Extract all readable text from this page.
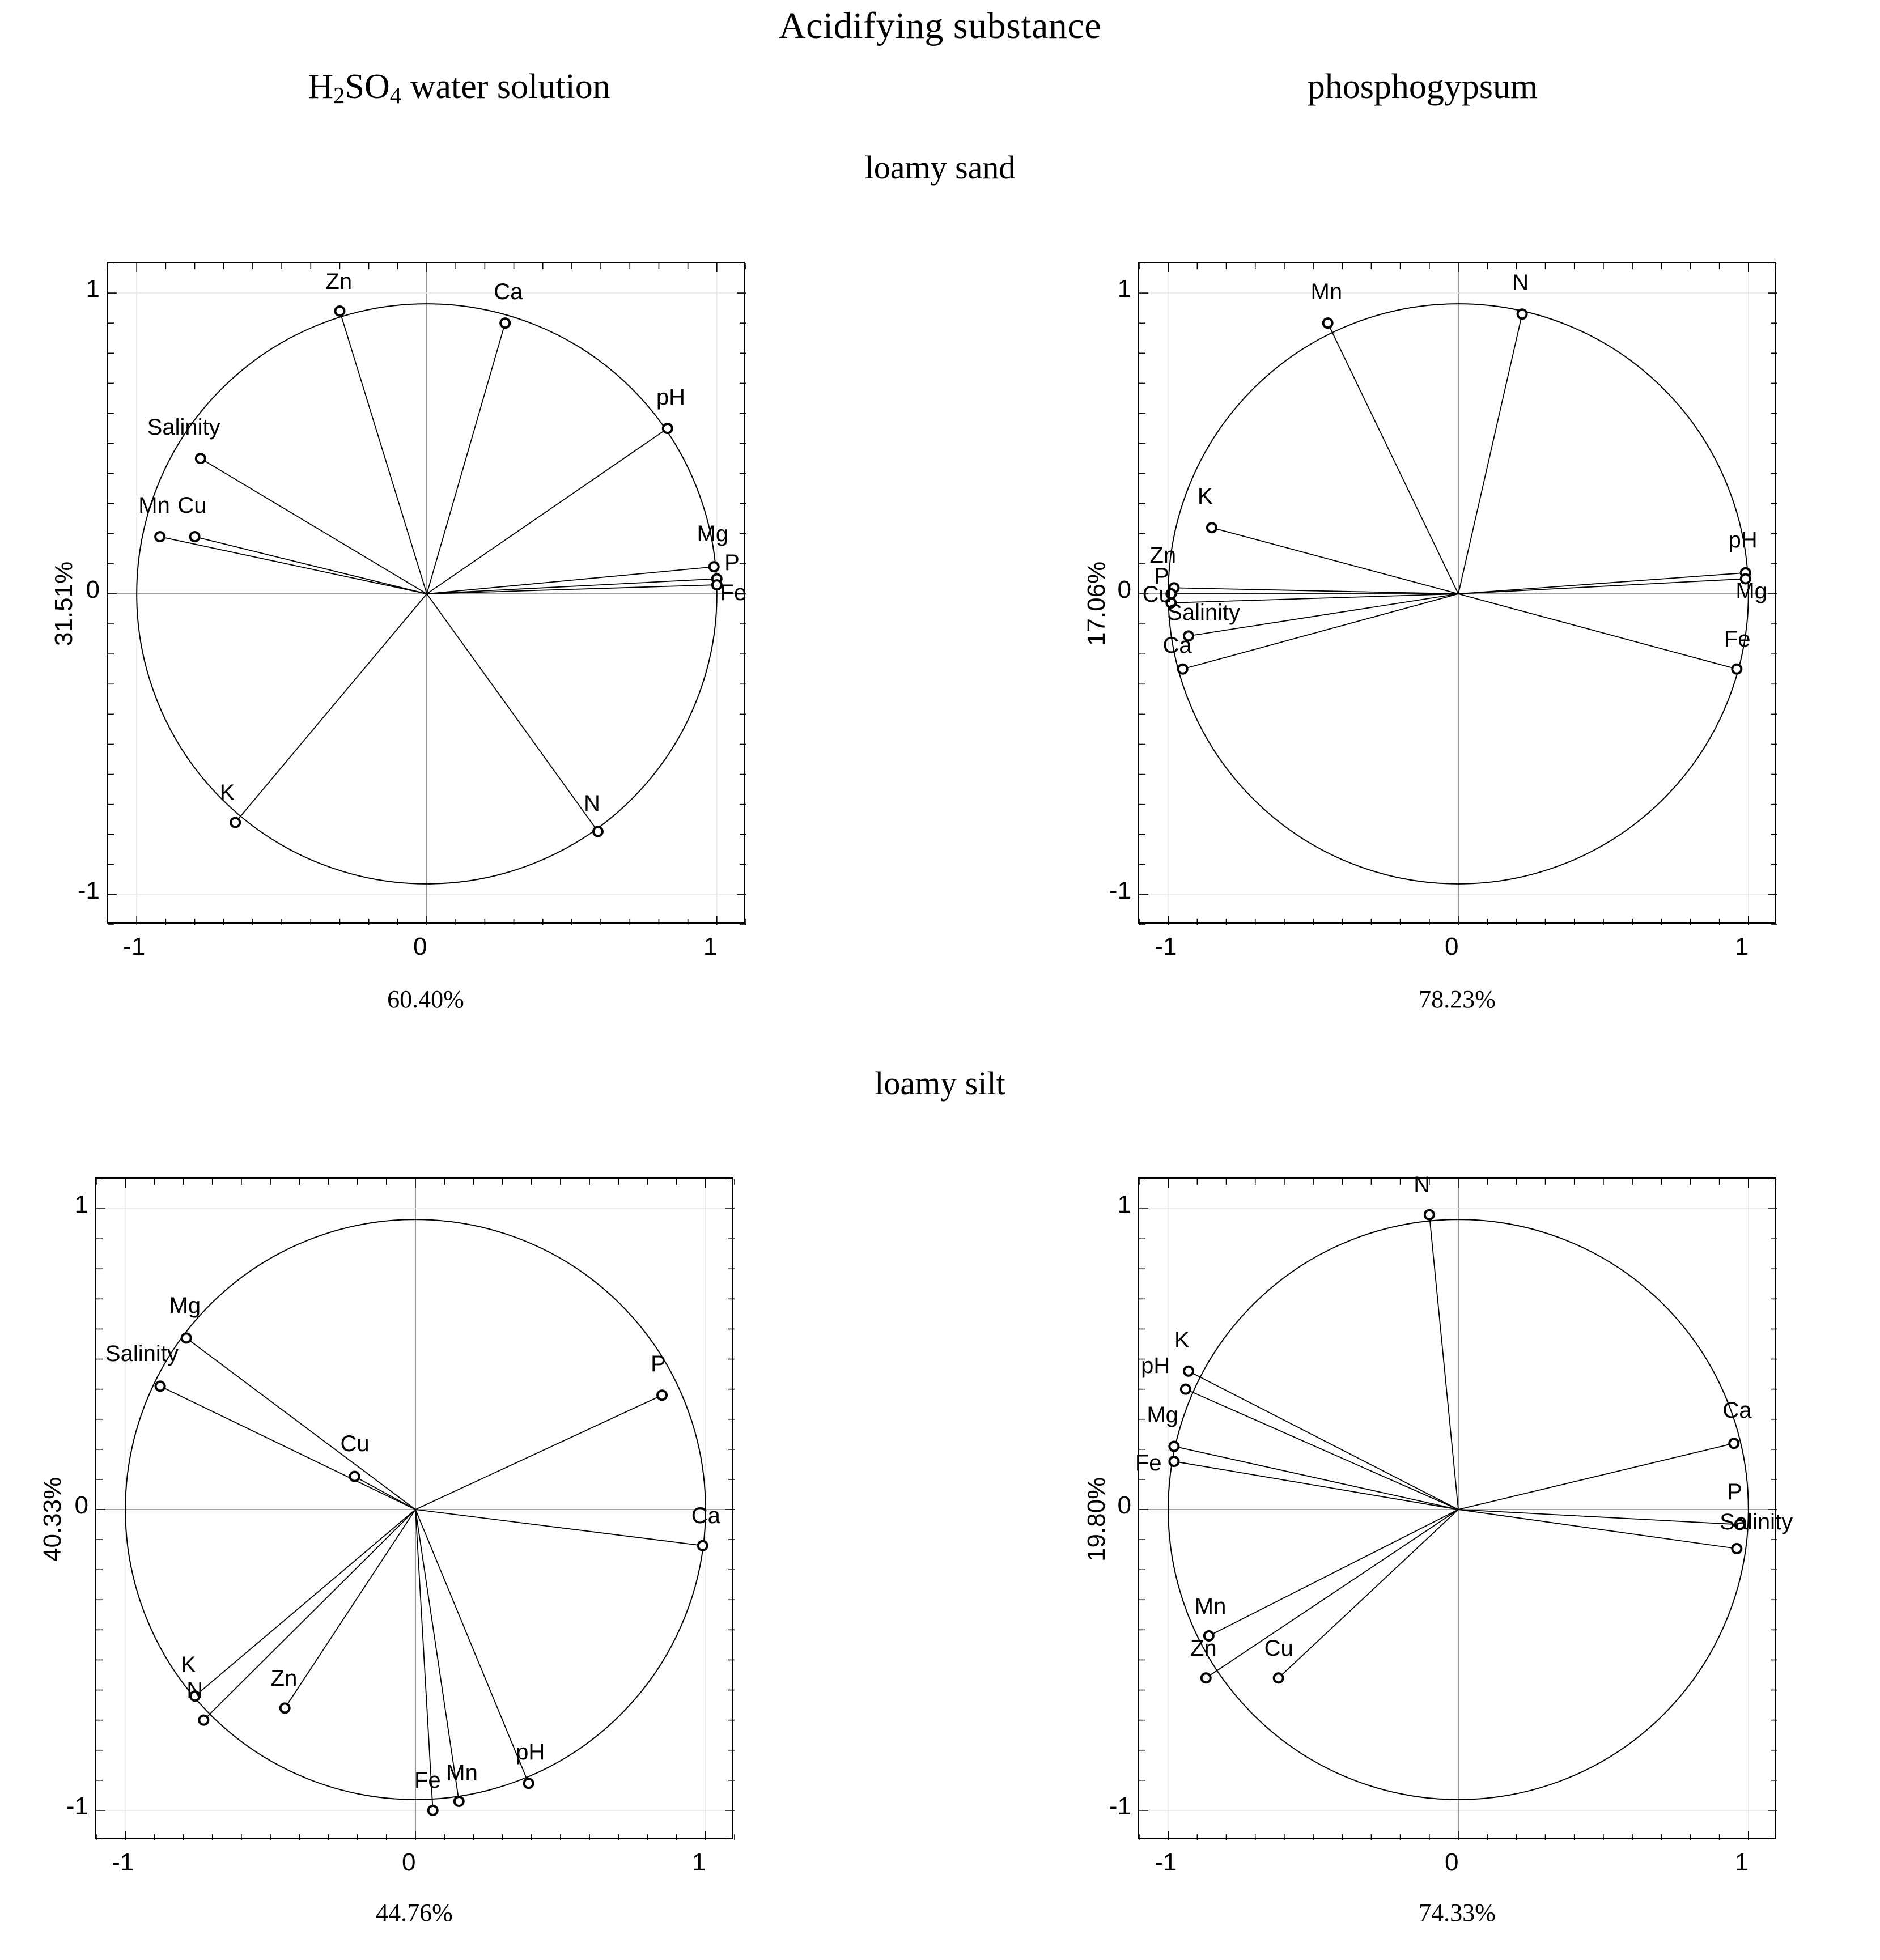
Acidifying substance
$H_2SO_4$ water solution	phosphogypsum
loamy sand
loamy silt
Zn	Ca
pH
Salinity
Mn Cu
Mg
P
Fe
K	N
-1	0	1
1
0
-1
60.40%
31.51%
Mn	N
K
pH
Mg
Zn
P
Cu
Salinity
Ca	Fe
-1	0	1
1
0
-1
78.23%
17.06%
Mg
Salinity	P
Cu
Ca
K
Zn
N
Fe Mn
pH
-1	0	1
1
0
-1
44.76%
40.33%
N
K
pH
Ca
Mg
Fe
P
Salinity
Mn
Zn Cu
-1	0	1
1
0
-1
74.33%
19.80%
